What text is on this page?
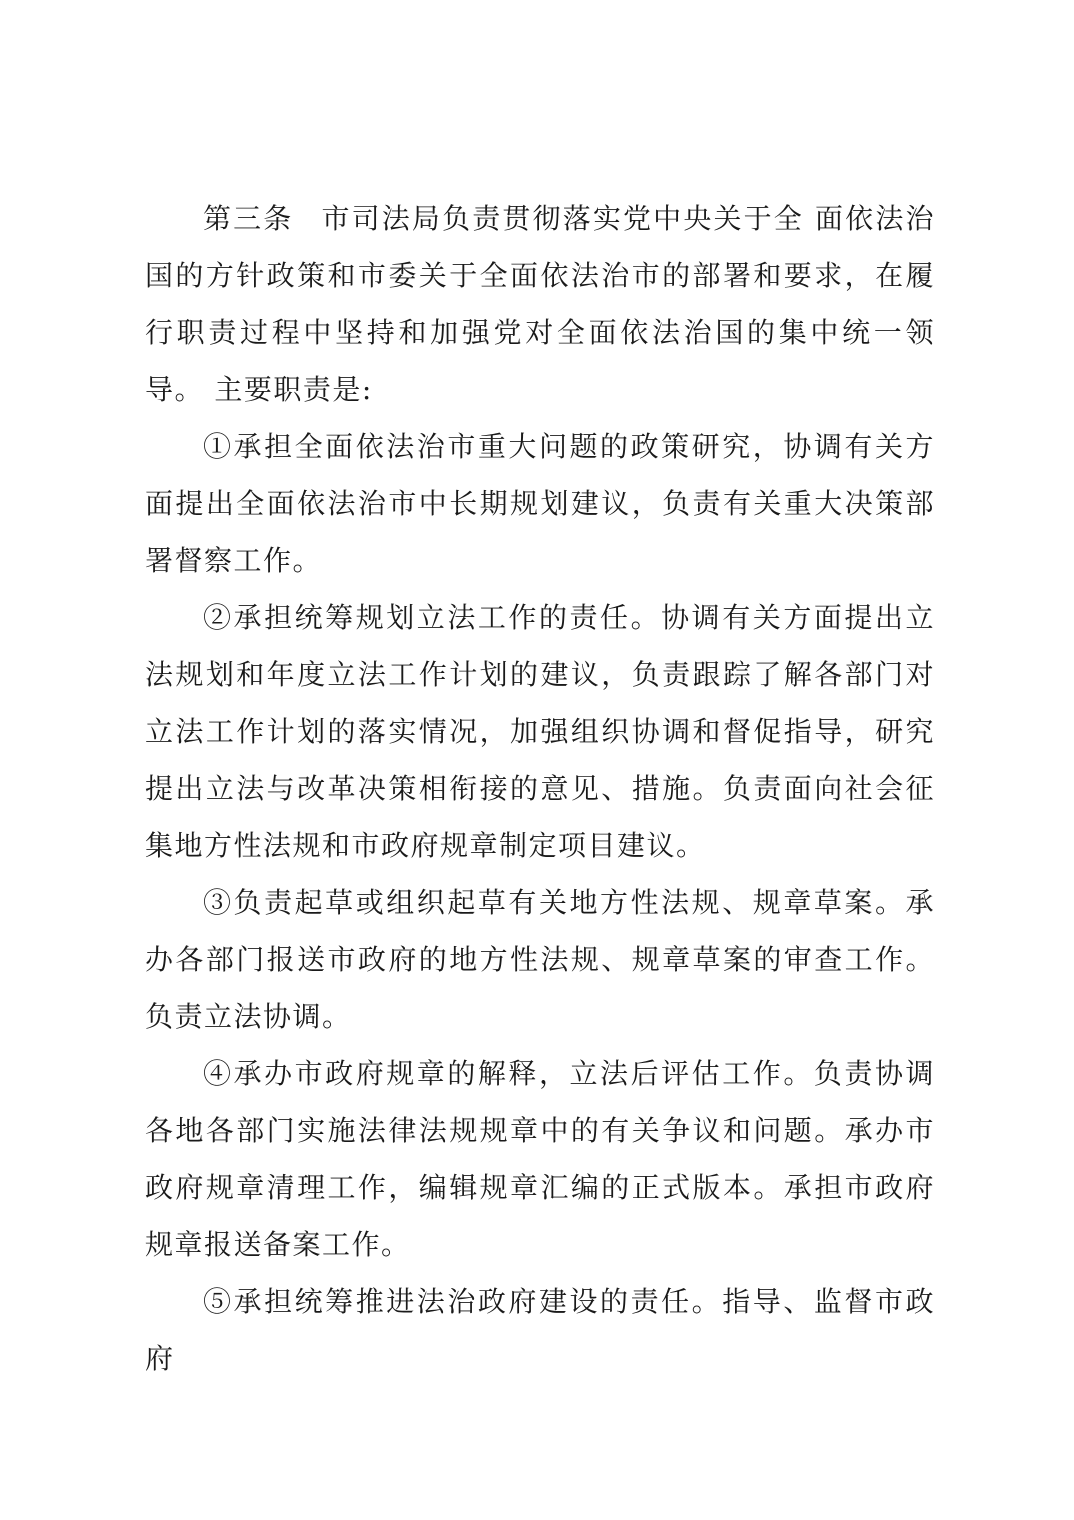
第三条 市司法局负责贯彻落实党中央关于全 面依法治国的方针政策和市委关于全面依法治市的部署和要求，在履行职责过程中坚持和加强党对全面依法治国的集中统一领导。 主要职责是:

①承担全面依法治市重大问题的政策研究，协调有关方面提出全面依法治市中长期规划建议，负责有关重大决策部署督察工作。

②承担统筹规划立法工作的责任。协调有关方面提出立法规划和年度立法工作计划的建议，负责跟踪了解各部门对立法工作计划的落实情况，加强组织协调和督促指导，研究提出立法与改革决策相衔接的意见、措施。负责面向社会征集地方性法规和市政府规章制定项目建议。

③负责起草或组织起草有关地方性法规、规章草案。承办各部门报送市政府的地方性法规、规章草案的审查工作。负责立法协调。

④承办市政府规章的解释，立法后评估工作。负责协调各地各部门实施法律法规规章中的有关争议和问题。承办市政府规章清理工作，编辑规章汇编的正式版本。承担市政府规章报送备案工作。

⑤承担统筹推进法治政府建设的责任。指导、监督市政府
